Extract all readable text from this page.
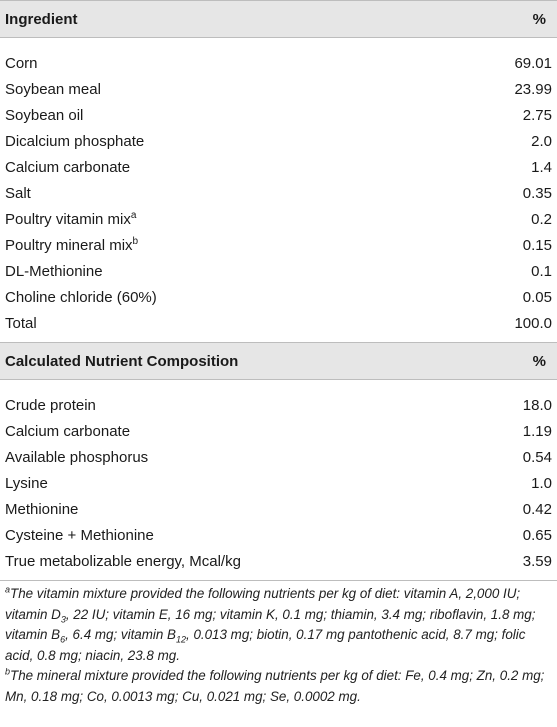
Ingredient	%
Corn	69.01
Soybean meal	23.99
Soybean oil	2.75
Dicalcium phosphate	2.0
Calcium carbonate	1.4
Salt	0.35
Poultry vitamin mix$^a$	0.2
Poultry mineral mix$^b$	0.15
DL-Methionine	0.1
Choline chloride (60%)	0.05
Total	100.0
Calculated Nutrient Composition	%
Crude protein	18.0
Calcium carbonate	1.19
Available phosphorus	0.54
Lysine	1.0
Methionine	0.42
Cysteine + Methionine	0.65
True metabolizable energy, Mcal/kg	3.59

$^a$The vitamin mixture provided the following nutrients per kg of diet: vitamin A, 2,000 IU; vitamin $D_3$, 22 IU; vitamin E, 16 mg; vitamin K, 0.1 mg; thiamin, 3.4 mg; riboflavin, 1.8 mg; vitamin $B_6$, 6.4 mg; vitamin $B_{12}$, 0.013 mg; biotin, 0.17 mg pantothenic acid, 8.7 mg; folic acid, 0.8 mg; niacin, 23.8 mg.

$^b$The mineral mixture provided the following nutrients per kg of diet: Fe, 0.4 mg; Zn, 0.2 mg; Mn, 0.18 mg; Co, 0.0013 mg; Cu, 0.021 mg; Se, 0.0002 mg.
